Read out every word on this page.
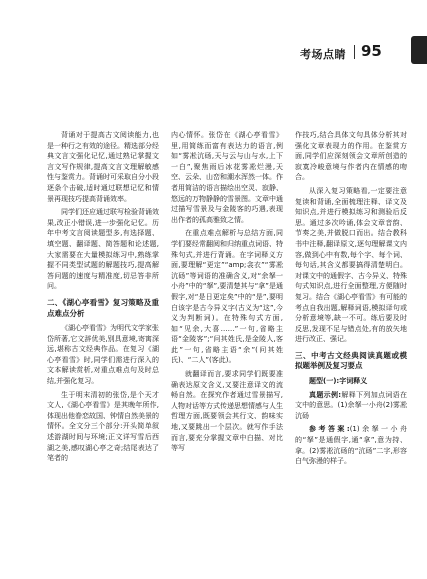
考场点睛 95

背诵对于提高古文阅读能力,也是一种行之有效的途径。精选部分经典文言文强化记忆,通过熟记掌握文言文写作规律,提高文言文理解敏感性与鉴赏力。背诵时可采取自分小段逐条个击破,适时通过联想记忆和情景再现技巧提高背诵效率。

同学们还应通过联写检验背诵效果,改正小错误,进一步强化记忆。历年中考文言阅读题型多,有选择题、填空题、翻译题、简答题和论述题,大家需要在大量模拟练习中,熟练掌握不同类型试题的解题技巧,提高解答问题的速度与精准度,切忌答非所问。

二、《湖心亭看雪》复习策略及重点难点分析

《湖心亭看雪》为明代文学家张岱所著,它文辞优美,别具意境,寄寓深远,堪称古文经典作品。在复习《湖心亭看雪》时,同学们需进行深入的文本解读赏析,对重点难点句及时总结,并强化复习。

生于明末清初的张岱,是个天才文人,《湖心亭看雪》是其晚年所作,体现出他眷恋故国、钟情自然美景的情怀。全文分三个部分:开头简单叙述游湖时间与环境;正文详写雪后西湖之美,感叹湖心亭之奇;结尾表达了笔者的

内心情怀。张岱在《湖心亭看雪》里,用简练而富有表达力的语言,例如“雾凇沆砀,天与云与山与水,上下一白”,聚焦雨后冰花雾凇烂漫,天空、云朵、山峦和潮水浑然一体。作者用简洁的语言描绘出空灵、寂静、悠远的万物静静的雪景图。文章中通过描写雪景及与金陵客的巧遇,表现出作者的孤高雅致之情。

在重点难点解析与总结方面,同学们要经常翻阅和归纳重点词语、特殊句式,并进行背诵。在字词释义方面,要理解“更定”“amp;衾衣”“雾凇沆砀”等词语的准确含义,对“余拏一小舟”中的“拏”,要清楚其与“拿”是通假字,对“是日更定矣”中的“是”,要明白该字是古今异义字(古义为“这”,今义为判断词)。在特殊句式方面,如“见余,大喜……”一句,省略主语“金陵客”;“问其姓氏,是金陵人,客此”一句,省略主语“余”(问其姓氏)、“二人”(客此)。

就翻译而言,要求同学们既要准确表达原文含义,又要注意译文的流畅自然。在探究作者通过雪景描写,人物对话等方式传递思想情感与人生哲理方面,既要领会其行文、韵味实地,又要跳出一个层次。就写作手法而言,要充分掌握文章中白描、对比等写

作技巧,结合具体文句具体分析其对强化文章表现力的作用。在鉴赏方面,同学们应深刻领会文章所创造的寂寞冷峻意境与作者内在情感的吻合。

从深入复习策略看,一定要注意复读和背诵,全面梳理注释、译文及知识点,并进行模拟练习和测验后反思。通过多次吟诵,体会文章音韵、节奏之美,并做脱口而出。结合教科书中注释,翻译原文,逐句理解课文内容,做到心中有数,每个字、每个词、每句话,其含义都要搞得清楚明白。对课文中的通假字、古今异义、特殊句式知识点,进行全面整理,方便随时复习。结合《湖心亭看雪》有可能的考点自我出题,解释词语,模拟译句或分析意境等,缺一不可。练后要及时反思,发现不足与错点处,有的放矢地进行改正、强记。

三、中考古文经典阅读真题或模拟题举例及复习要点

题型(一):字词释义

真题示例:解释下列加点词语在文中的意思。(1)余拏一小舟(2)雾凇沆砀

参考答案:(1)余拏一小舟的“拏”是通假字,通“拿”,意为持、拿。(2)雾凇沆砀的“沆砀”二字,形容白气弥漫的样子。
